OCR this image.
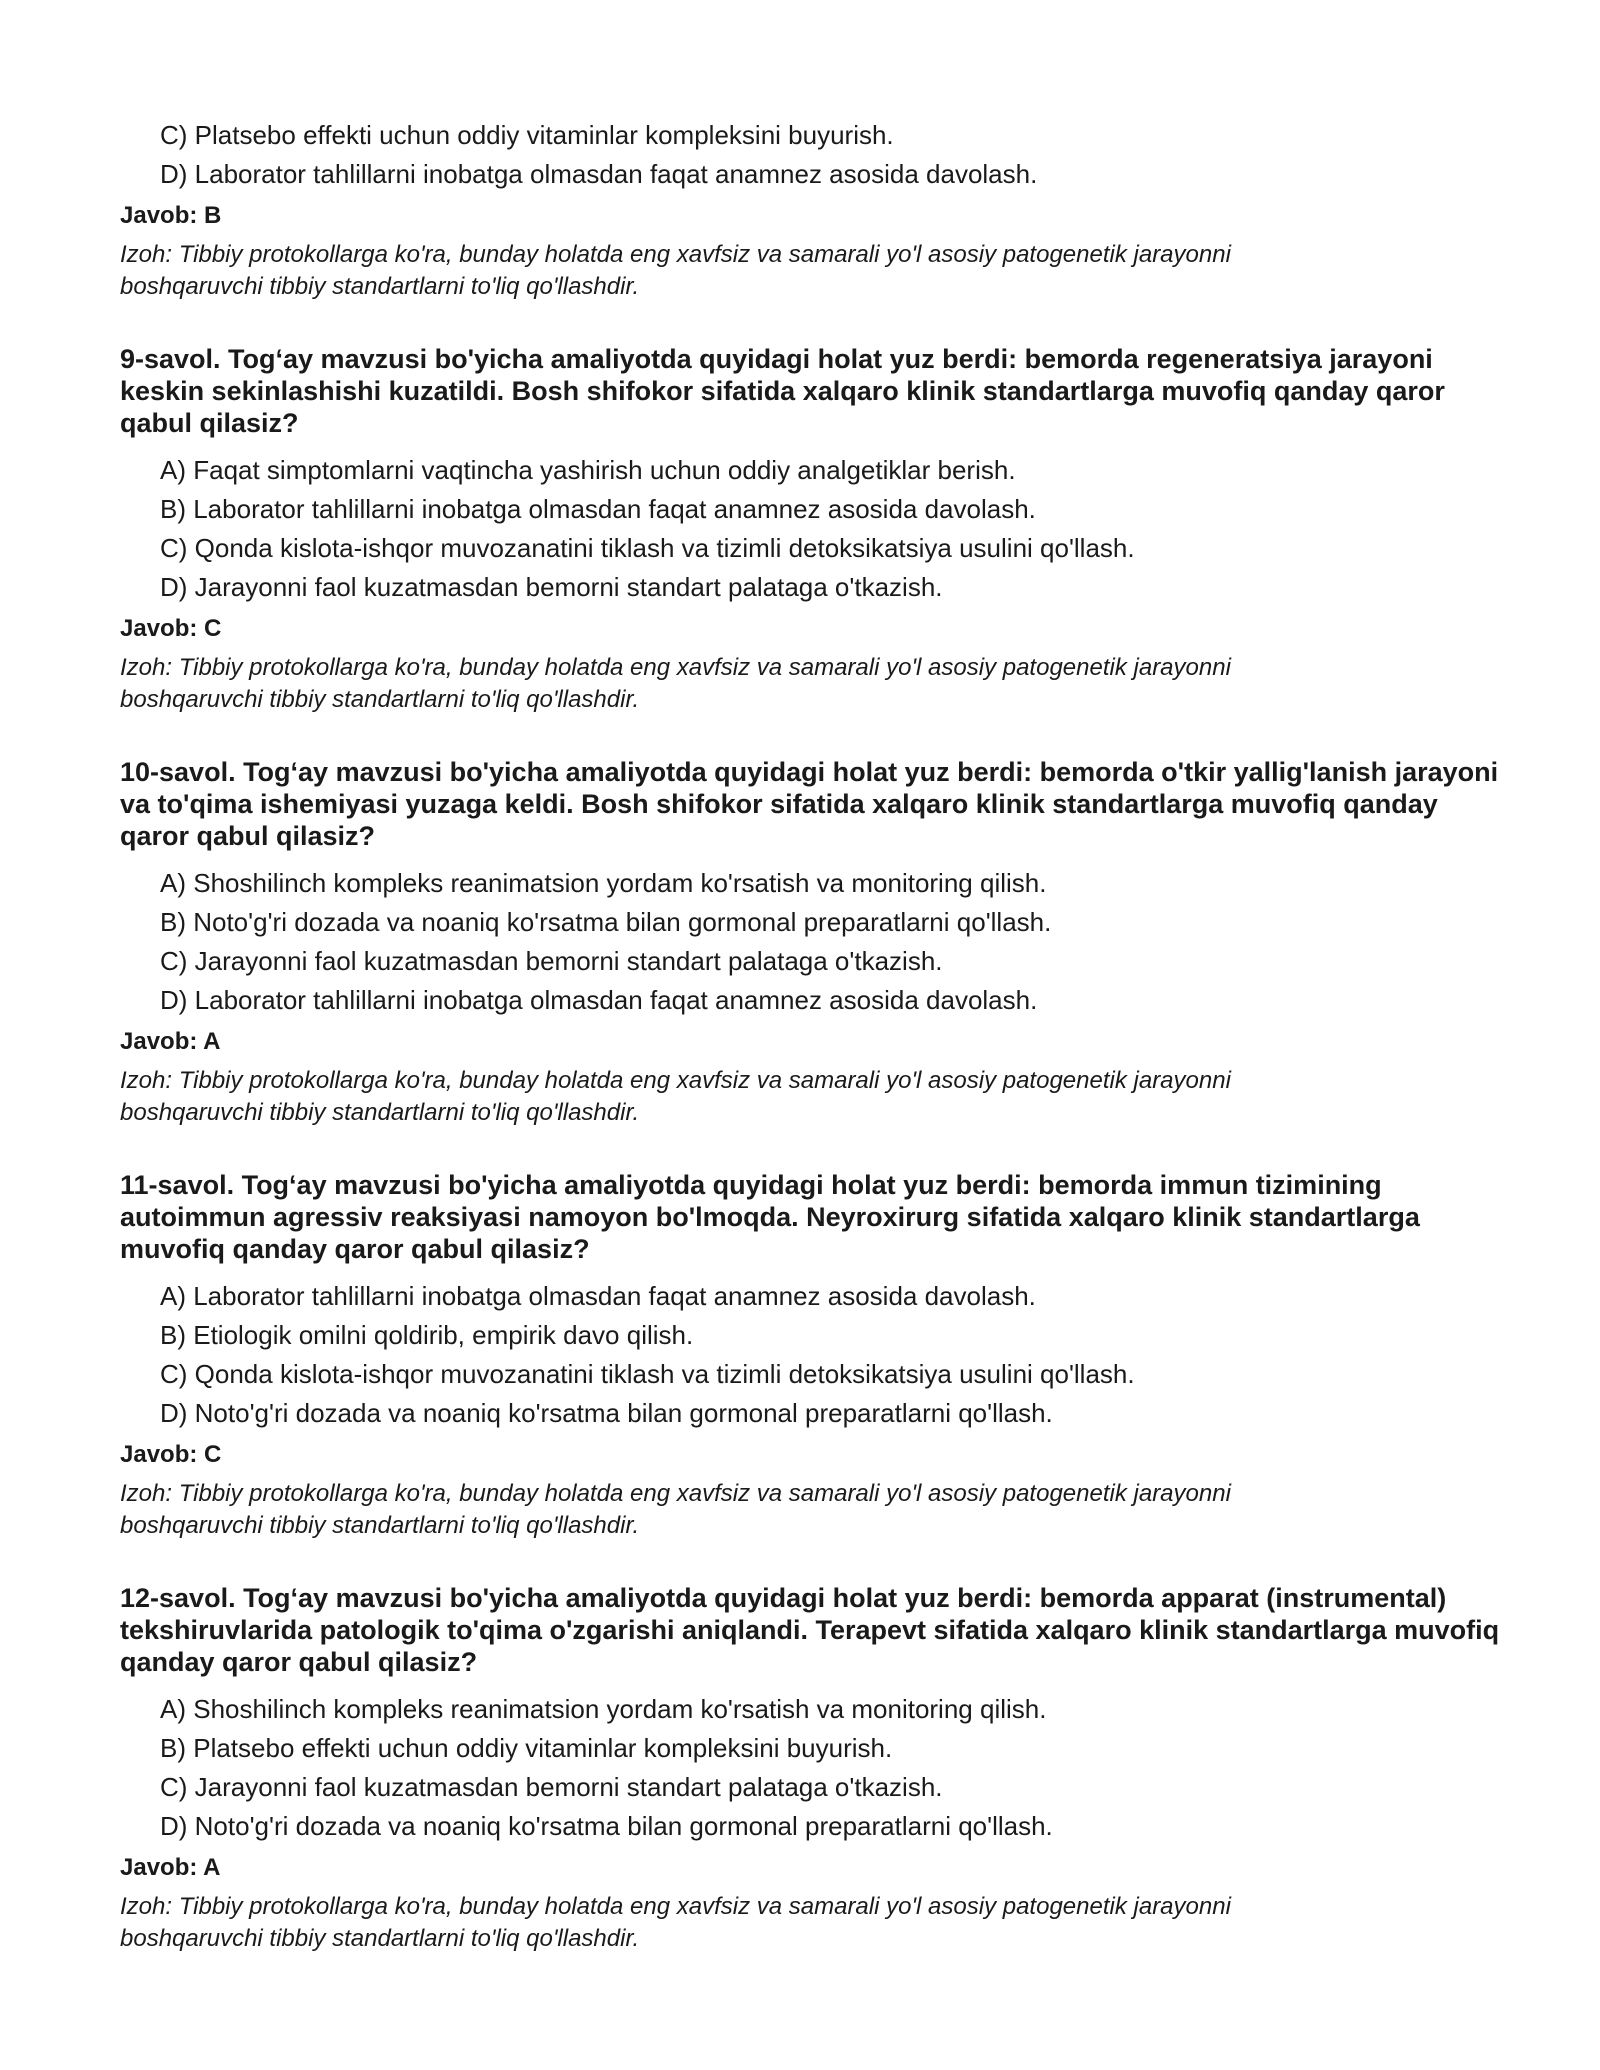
C) Platsebo effekti uchun oddiy vitaminlar kompleksini buyurish.
D) Laborator tahlillarni inobatga olmasdan faqat anamnez asosida davolash.
Javob: B
Izoh: Tibbiy protokollarga ko'ra, bunday holatda eng xavfsiz va samarali yo'l asosiy patogenetik jarayonni boshqaruvchi tibbiy standartlarni to'liq qo'llashdir.
9-savol. Tog‘ay mavzusi bo'yicha amaliyotda quyidagi holat yuz berdi: bemorda regeneratsiya jarayoni keskin sekinlashishi kuzatildi. Bosh shifokor sifatida xalqaro klinik standartlarga muvofiq qanday qaror qabul qilasiz?
A) Faqat simptomlarni vaqtincha yashirish uchun oddiy analgetiklar berish.
B) Laborator tahlillarni inobatga olmasdan faqat anamnez asosida davolash.
C) Qonda kislota-ishqor muvozanatini tiklash va tizimli detoksikatsiya usulini qo'llash.
D) Jarayonni faol kuzatmasdan bemorni standart palataga o'tkazish.
Javob: C
Izoh: Tibbiy protokollarga ko'ra, bunday holatda eng xavfsiz va samarali yo'l asosiy patogenetik jarayonni boshqaruvchi tibbiy standartlarni to'liq qo'llashdir.
10-savol. Tog‘ay mavzusi bo'yicha amaliyotda quyidagi holat yuz berdi: bemorda o'tkir yallig'lanish jarayoni va to'qima ishemiyasi yuzaga keldi. Bosh shifokor sifatida xalqaro klinik standartlarga muvofiq qanday qaror qabul qilasiz?
A) Shoshilinch kompleks reanimatsion yordam ko'rsatish va monitoring qilish.
B) Noto'g'ri dozada va noaniq ko'rsatma bilan gormonal preparatlarni qo'llash.
C) Jarayonni faol kuzatmasdan bemorni standart palataga o'tkazish.
D) Laborator tahlillarni inobatga olmasdan faqat anamnez asosida davolash.
Javob: A
Izoh: Tibbiy protokollarga ko'ra, bunday holatda eng xavfsiz va samarali yo'l asosiy patogenetik jarayonni boshqaruvchi tibbiy standartlarni to'liq qo'llashdir.
11-savol. Tog‘ay mavzusi bo'yicha amaliyotda quyidagi holat yuz berdi: bemorda immun tizimining autoimmun agressiv reaksiyasi namoyon bo'lmoqda. Neyroxirurg sifatida xalqaro klinik standartlarga muvofiq qanday qaror qabul qilasiz?
A) Laborator tahlillarni inobatga olmasdan faqat anamnez asosida davolash.
B) Etiologik omilni qoldirib, empirik davo qilish.
C) Qonda kislota-ishqor muvozanatini tiklash va tizimli detoksikatsiya usulini qo'llash.
D) Noto'g'ri dozada va noaniq ko'rsatma bilan gormonal preparatlarni qo'llash.
Javob: C
Izoh: Tibbiy protokollarga ko'ra, bunday holatda eng xavfsiz va samarali yo'l asosiy patogenetik jarayonni boshqaruvchi tibbiy standartlarni to'liq qo'llashdir.
12-savol. Tog‘ay mavzusi bo'yicha amaliyotda quyidagi holat yuz berdi: bemorda apparat (instrumental) tekshiruvlarida patologik to'qima o'zgarishi aniqlandi. Terapevt sifatida xalqaro klinik standartlarga muvofiq qanday qaror qabul qilasiz?
A) Shoshilinch kompleks reanimatsion yordam ko'rsatish va monitoring qilish.
B) Platsebo effekti uchun oddiy vitaminlar kompleksini buyurish.
C) Jarayonni faol kuzatmasdan bemorni standart palataga o'tkazish.
D) Noto'g'ri dozada va noaniq ko'rsatma bilan gormonal preparatlarni qo'llash.
Javob: A
Izoh: Tibbiy protokollarga ko'ra, bunday holatda eng xavfsiz va samarali yo'l asosiy patogenetik jarayonni boshqaruvchi tibbiy standartlarni to'liq qo'llashdir.
